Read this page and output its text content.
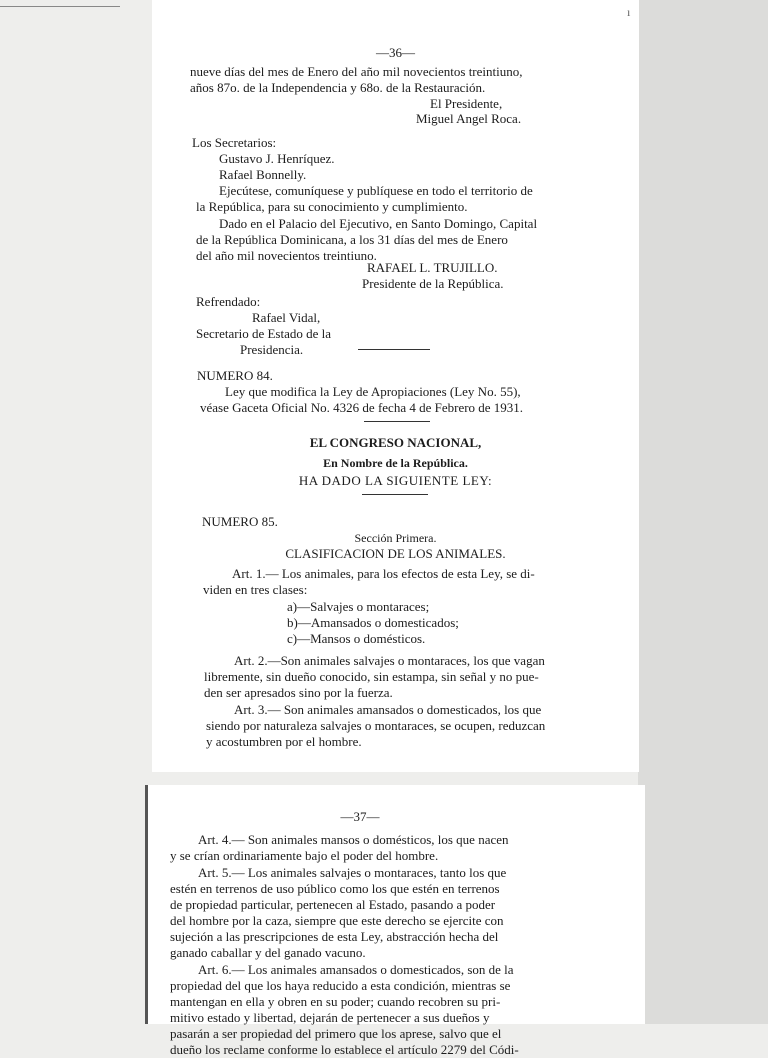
—36—
nueve días del mes de Enero del año mil novecientos treintiuno,
años 87o. de la Independencia y 68o. de la Restauración.
El Presidente,
Miguel Angel Roca.
Los Secretarios:
Gustavo J. Henríquez.
Rafael Bonnelly.
Ejecútese, comuníquese y publíquese en todo el territorio de
la República, para su conocimiento y cumplimiento.
Dado en el Palacio del Ejecutivo, en Santo Domingo, Capital
de la República Dominicana, a los 31 días del mes de Enero
del año mil novecientos treintiuno.
RAFAEL L. TRUJILLO.
Presidente de la República.
Refrendado:
Rafael Vidal,
Secretario de Estado de la
Presidencia.
NUMERO 84.
Ley que modifica la Ley de Apropiaciones (Ley No. 55),
véase Gaceta Oficial No. 4326 de fecha 4 de Febrero de 1931.
EL CONGRESO NACIONAL,
En Nombre de la República.
HA DADO LA SIGUIENTE LEY:
NUMERO 85.
Sección Primera.
CLASIFICACION DE LOS ANIMALES.
Art. 1.— Los animales, para los efectos de esta Ley, se di-
viden en tres clases:
a)—Salvajes o montaraces;
b)—Amansados o domesticados;
c)—Mansos o domésticos.
Art. 2.—Son animales salvajes o montaraces, los que vagan
libremente, sin dueño conocido, sin estampa, sin señal y no pue-
den ser apresados sino por la fuerza.
Art. 3.— Son animales amansados o domesticados, los que
siendo por naturaleza salvajes o montaraces, se ocupen, reduzcan
y acostumbren por el hombre.
ı
—37—
Art. 4.— Son animales mansos o domésticos, los que nacen
y se crían ordinariamente bajo el poder del hombre.
Art. 5.— Los animales salvajes o montaraces, tanto los que
estén en terrenos de uso público como los que estén en terrenos
de propiedad particular, pertenecen al Estado, pasando a poder
del hombre por la caza, siempre que este derecho se ejercite con
sujeción a las prescripciones de esta Ley, abstracción hecha del
ganado caballar y del ganado vacuno.
Art. 6.— Los animales amansados o domesticados, son de la
propiedad del que los haya reducido a esta condición, mientras se
mantengan en ella y obren en su poder; cuando recobren su pri-
mitivo estado y libertad, dejarán de pertenecer a sus dueños y
pasarán a ser propiedad del primero que los aprese, salvo que el
dueño los reclame conforme lo establece el artículo 2279 del Códi-
